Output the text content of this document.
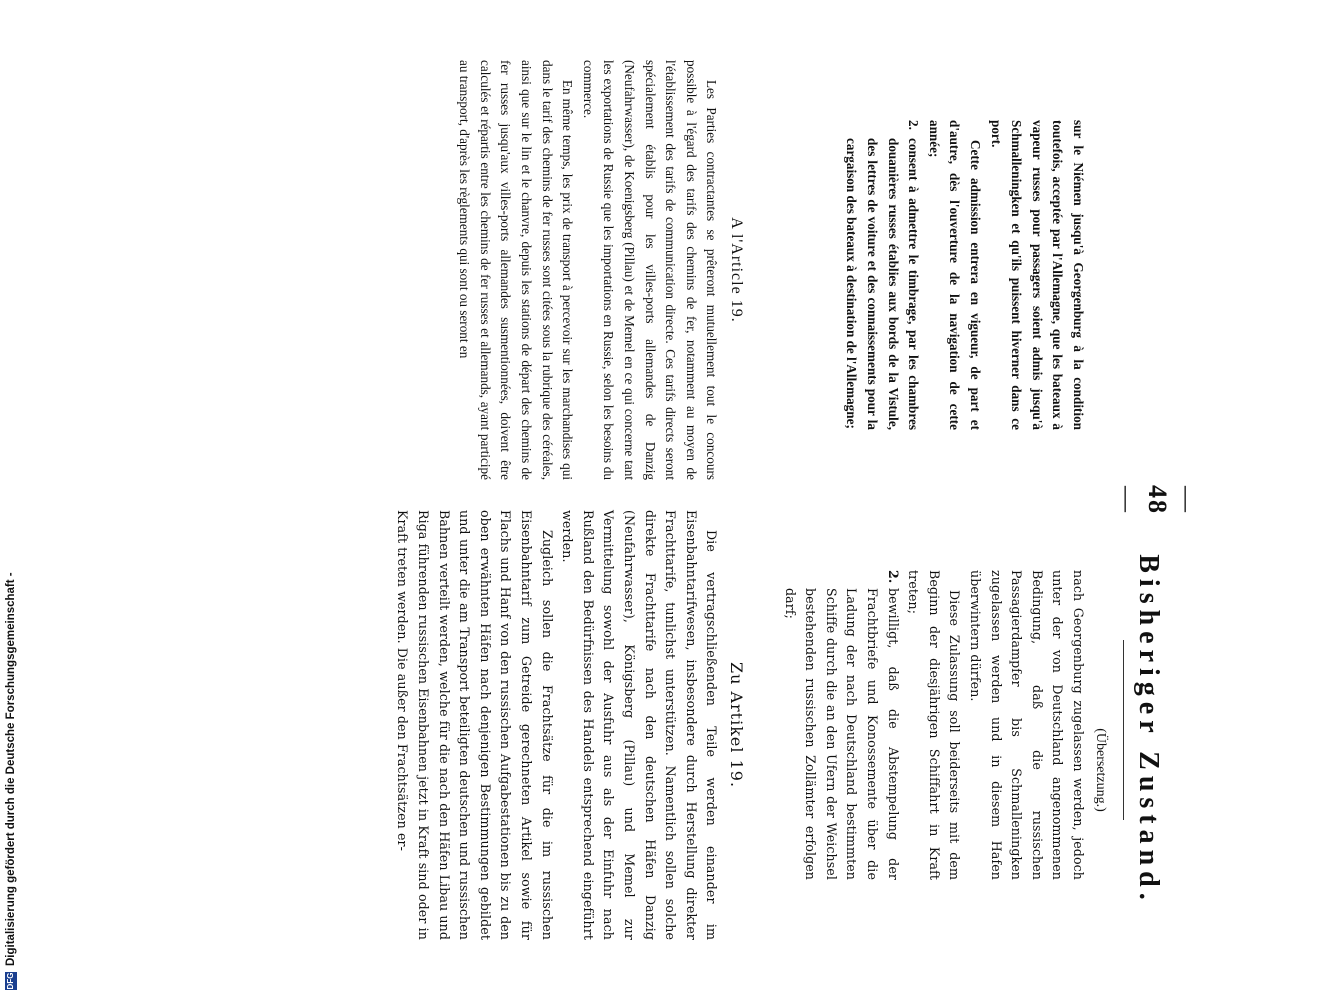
—48—
Bisheriger Zustand.
(Übersetzung.)

sur le Niémen jusqu'à Georgenburg à la condition toutefois, acceptée par l'Allemagne, que les bateaux à vapeur russes pour passagers soient admis jusqu'à Schmalleningken et qu'ils puissent hiverner dans ce port.

Cette admission entrera en vigueur, de part et d'autre, dès l'ouverture de la navigation de cette année;

2.

consent à admettre le timbrage, par les chambres douanières russes établies aux bords de la Vistule, des lettres de voiture et des connaissements pour la cargaison des bateaux à destination de l'Allemagne;

nach Georgenburg zugelassen werden, jedoch unter der von Deutschland angenommenen Bedingung, daß die russischen Passagierdampfer bis Schmalleningken zugelassen werden und in diesem Hafen überwintern dürfen.

Diese Zulassung soll beiderseits mit dem Beginn der diesjährigen Schiffahrt in Kraft treten;

2.

bewilligt, daß die Abstempelung der Frachtbriefe und Konossemente über die Ladung der nach Deutschland bestimmten Schiffe durch die an den Ufern der Weichsel bestehenden russischen Zollämter erfolgen darf;

A l'Article 19.

Les Parties contractantes se prêteront mutuellement tout le concours possible à l'égard des tarifs des chemins de fer, notamment au moyen de l'établissement des tarifs de communication directe. Ces tarifs directs seront spécialement établis pour les villes-ports allemandes de Danzig (Neufahrwasser), de Koenigsberg (Pillau) et de Memel en ce qui concerne tant les exportations de Russie que les importations en Russie, selon les besoins du commerce.

En même temps, les prix de transport à percevoir sur les marchandises qui dans le tarif des chemins de fer russes sont citées sous la rubrique des céréales, ainsi que sur le lin et le chanvre, depuis les stations de départ des chemins de fer russes jusqu'aux villes-ports allemandes susmentionnées, doivent être calculés et répartis entre les chemins de fer russes et allemands, ayant participé au transport, d'après les règlements qui sont ou seront en

Zu Artikel 19.

Die vertragschließenden Teile werden einander im Eisenbahntarifwesen, insbesondere durch Herstellung direkter Frachttarife, tunlichst unterstützen. Namentlich sollen solche direkte Frachttarife nach den deutschen Häfen Danzig (Neufahrwasser), Königsberg (Pillau) und Memel zur Vermittelung sowohl der Ausfuhr aus als der Einfuhr nach Rußland den Bedürfnissen des Handels entsprechend eingeführt werden.

Zugleich sollen die Frachtsätze für die im russischen Eisenbahntarif zum Getreide gerechneten Artikel sowie für Flachs und Hanf von den russischen Aufgabestationen bis zu den oben erwähnten Häfen nach denjenigen Bestimmungen gebildet und unter die am Transport beteiligten deutschen und russischen Bahnen verteilt werden, welche für die nach den Häfen Libau und Riga führenden russischen Eisenbahnen jetzt in Kraft sind oder in Kraft treten werden. Die außer den Frachtsätzen er-

DFG
Digitalisierung gefördert durch die Deutsche Forschungsgemeinschaft -
